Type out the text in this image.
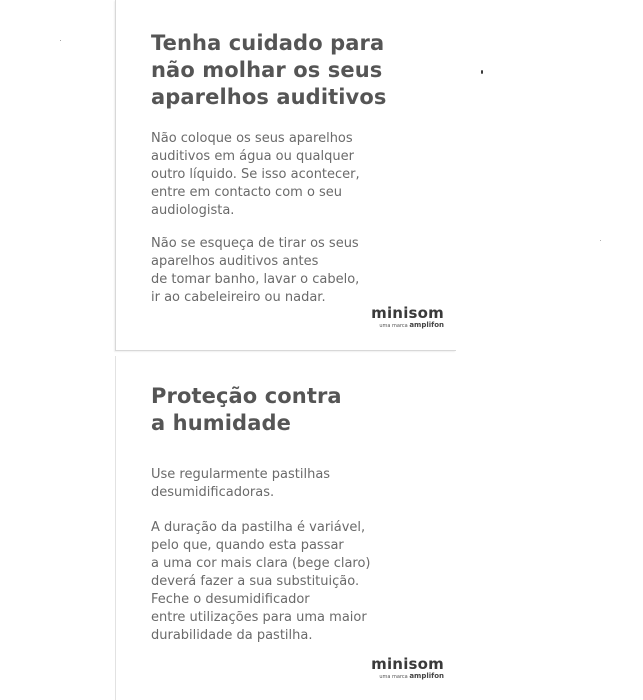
Tenha cuidado para
não molhar os seus
aparelhos auditivos

Não coloque os seus aparelhos
auditivos em água ou qualquer
outro líquido. Se isso acontecer,
entre em contacto com o seu
audiologista.

Não se esqueça de tirar os seus
aparelhos auditivos antes
de tomar banho, lavar o cabelo,
ir ao cabeleireiro ou nadar.

minisom
uma marca amplifon
Proteção contra
a humidade

Use regularmente pastilhas
desumidificadoras.

A duração da pastilha é variável,
pelo que, quando esta passar
a uma cor mais clara (bege claro)
deverá fazer a sua substituição.
Feche o desumidificador
entre utilizações para uma maior
durabilidade da pastilha.

minisom
uma marca amplifon
